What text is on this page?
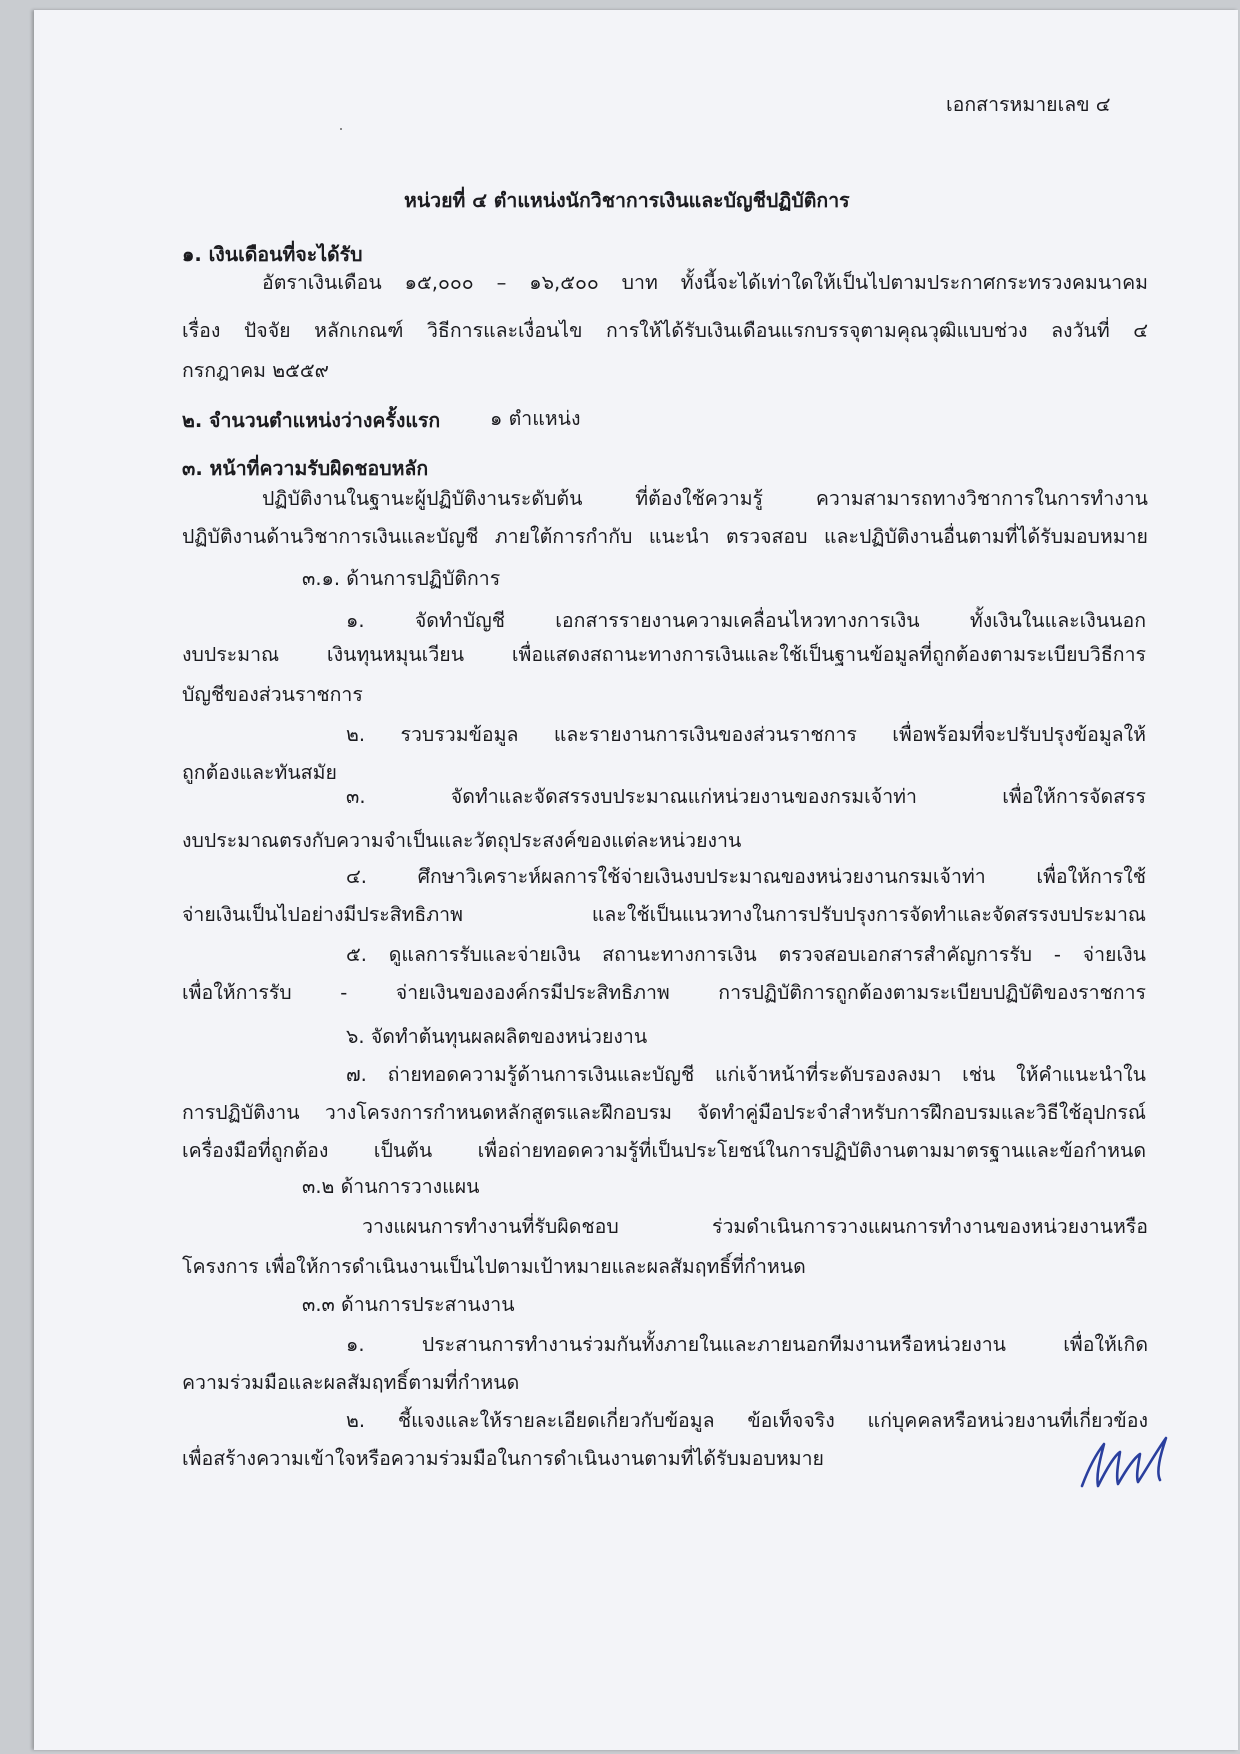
เอกสารหมายเลข ๔
หน่วยที่ ๔ ตำแหน่งนักวิชาการเงินและบัญชีปฏิบัติการ
๑. เงินเดือนที่จะได้รับ
อัตราเงินเดือน ๑๕,๐๐๐ – ๑๖,๕๐๐ บาท ทั้งนี้จะได้เท่าใดให้เป็นไปตามประกาศกระทรวงคมนาคม
เรื่อง ปัจจัย หลักเกณฑ์ วิธีการและเงื่อนไข การให้ได้รับเงินเดือนแรกบรรจุตามคุณวุฒิแบบช่วง ลงวันที่ ๔
กรกฎาคม ๒๕๕๙
๒. จำนวนตำแหน่งว่างครั้งแรก	๑ ตำแหน่ง
๓. หน้าที่ความรับผิดชอบหลัก
ปฏิบัติงานในฐานะผู้ปฏิบัติงานระดับต้น ที่ต้องใช้ความรู้ ความสามารถทางวิชาการในการทำงาน
ปฏิบัติงานด้านวิชาการเงินและบัญชี ภายใต้การกำกับ แนะนำ ตรวจสอบ และปฏิบัติงานอื่นตามที่ได้รับมอบหมาย
๓.๑. ด้านการปฏิบัติการ
๑. จัดทำบัญชี เอกสารรายงานความเคลื่อนไหวทางการเงิน ทั้งเงินในและเงินนอก
งบประมาณ เงินทุนหมุนเวียน เพื่อแสดงสถานะทางการเงินและใช้เป็นฐานข้อมูลที่ถูกต้องตามระเบียบวิธีการ
บัญชีของส่วนราชการ
๒. รวบรวมข้อมูล และรายงานการเงินของส่วนราชการ เพื่อพร้อมที่จะปรับปรุงข้อมูลให้
ถูกต้องและทันสมัย
๓. จัดทำและจัดสรรงบประมาณแก่หน่วยงานของกรมเจ้าท่า เพื่อให้การจัดสรร
งบประมาณตรงกับความจำเป็นและวัตถุประสงค์ของแต่ละหน่วยงาน
๔. ศึกษาวิเคราะห์ผลการใช้จ่ายเงินงบประมาณของหน่วยงานกรมเจ้าท่า เพื่อให้การใช้
จ่ายเงินเป็นไปอย่างมีประสิทธิภาพ และใช้เป็นแนวทางในการปรับปรุงการจัดทำและจัดสรรงบประมาณ
๕. ดูแลการรับและจ่ายเงิน สถานะทางการเงิน ตรวจสอบเอกสารสำคัญการรับ - จ่ายเงิน
เพื่อให้การรับ - จ่ายเงินขององค์กรมีประสิทธิภาพ การปฏิบัติการถูกต้องตามระเบียบปฏิบัติของราชการ
๖. จัดทำต้นทุนผลผลิตของหน่วยงาน
๗. ถ่ายทอดความรู้ด้านการเงินและบัญชี แก่เจ้าหน้าที่ระดับรองลงมา เช่น ให้คำแนะนำใน
การปฏิบัติงาน วางโครงการกำหนดหลักสูตรและฝึกอบรม จัดทำคู่มือประจำสำหรับการฝึกอบรมและวิธีใช้อุปกรณ์
เครื่องมือที่ถูกต้อง เป็นต้น เพื่อถ่ายทอดความรู้ที่เป็นประโยชน์ในการปฏิบัติงานตามมาตรฐานและข้อกำหนด
๓.๒ ด้านการวางแผน
วางแผนการทำงานที่รับผิดชอบ ร่วมดำเนินการวางแผนการทำงานของหน่วยงานหรือ
โครงการ เพื่อให้การดำเนินงานเป็นไปตามเป้าหมายและผลสัมฤทธิ์ที่กำหนด
๓.๓ ด้านการประสานงาน
๑. ประสานการทำงานร่วมกันทั้งภายในและภายนอกทีมงานหรือหน่วยงาน เพื่อให้เกิด
ความร่วมมือและผลสัมฤทธิ์ตามที่กำหนด
๒. ชี้แจงและให้รายละเอียดเกี่ยวกับข้อมูล ข้อเท็จจริง แก่บุคคลหรือหน่วยงานที่เกี่ยวข้อง
เพื่อสร้างความเข้าใจหรือความร่วมมือในการดำเนินงานตามที่ได้รับมอบหมาย
